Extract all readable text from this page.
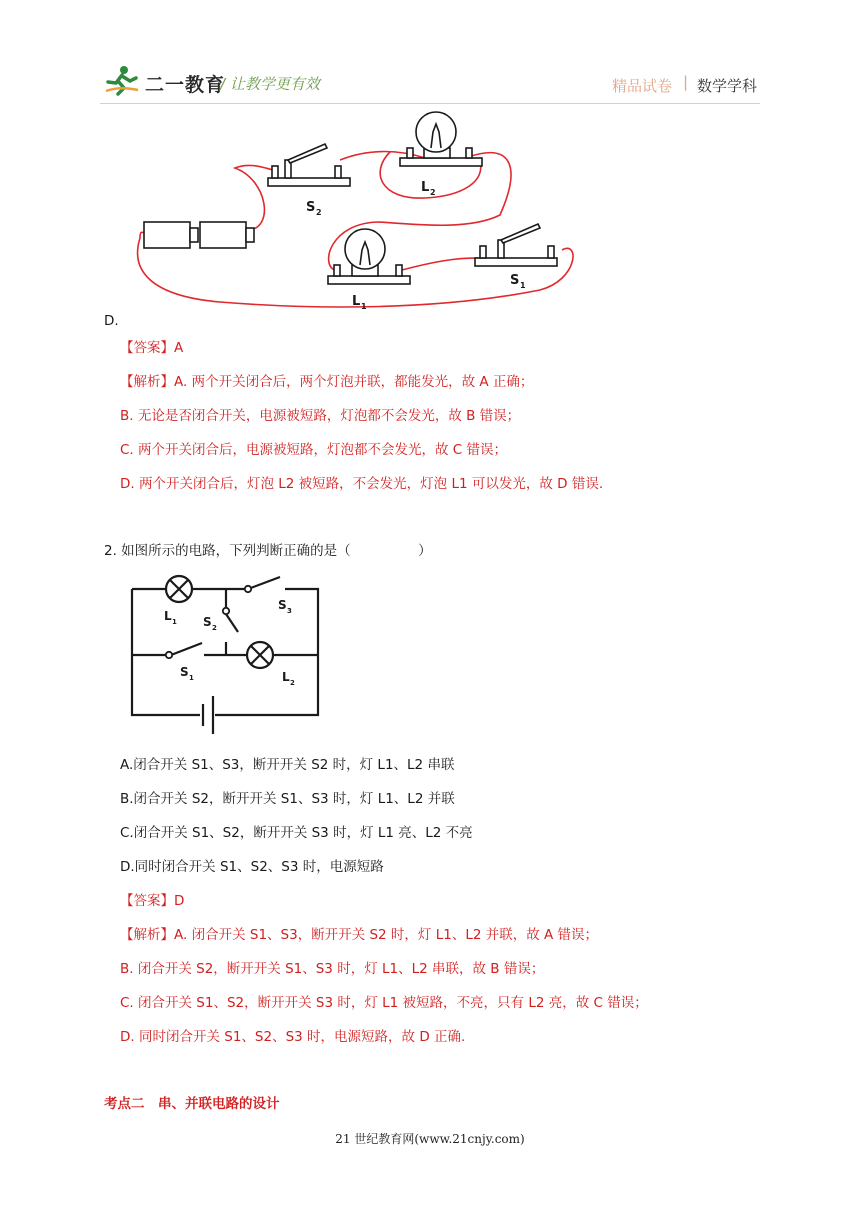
二一教育
/ 让教学更有效	精品试卷 | 数学学科
S 2
L 2
L 1
S 1
D.
【答案】A
【解析】A. 两个开关闭合后，两个灯泡并联，都能发光，故 A 正确；
B. 无论是否闭合开关，电源被短路，灯泡都不会发光，故 B 错误；
C. 两个开关闭合后，电源被短路，灯泡都不会发光，故 C 错误；
D. 两个开关闭合后，灯泡 L2 被短路，不会发光，灯泡 L1 可以发光，故 D 错误.
2. 如图所示的电路，下列判断正确的是（　　　　　）
L 1 S 2
S 3
S 1	L 2
A.闭合开关 S1、S3，断开开关 S2 时，灯 L1、L2 串联
B.闭合开关 S2，断开开关 S1、S3 时，灯 L1、L2 并联
C.闭合开关 S1、S2，断开开关 S3 时，灯 L1 亮、L2 不亮
D.同时闭合开关 S1、S2、S3 时，电源短路
【答案】D
【解析】A. 闭合开关 S1、S3，断开开关 S2 时，灯 L1、L2 并联，故 A 错误；
B. 闭合开关 S2，断开开关 S1、S3 时，灯 L1、L2 串联，故 B 错误；
C. 闭合开关 S1、S2，断开开关 S3 时，灯 L1 被短路，不亮，只有 L2 亮，故 C 错误；
D. 同时闭合开关 S1、S2、S3 时，电源短路，故 D 正确.
考点二　串、并联电路的设计
21 世纪教育网(www.21cnjy.com)
